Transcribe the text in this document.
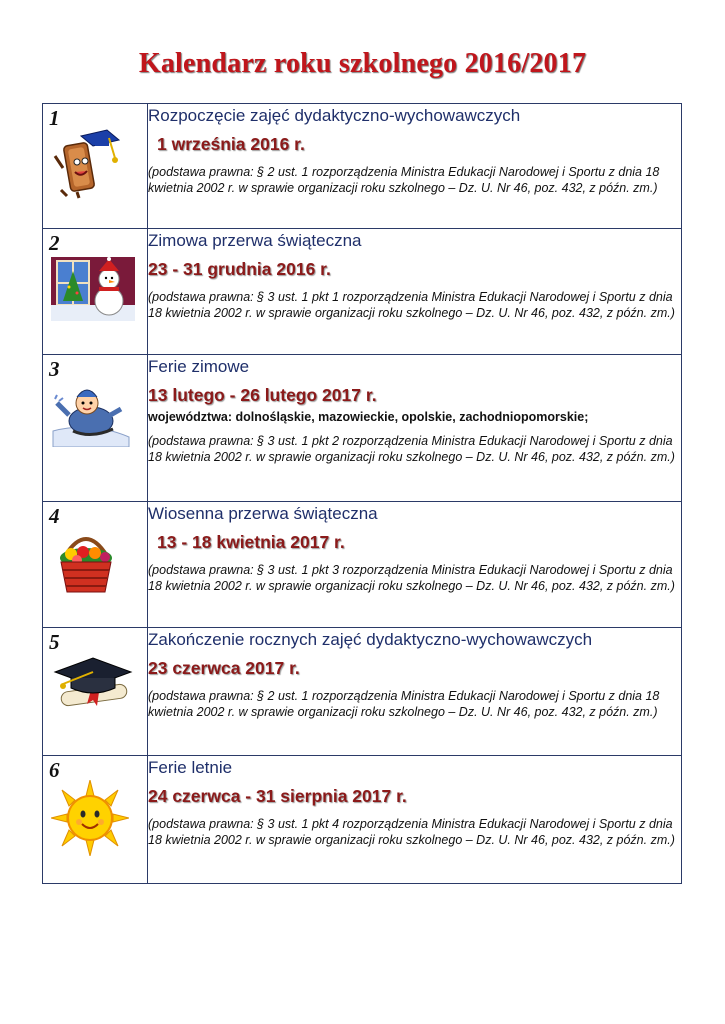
Kalendarz roku szkolnego 2016/2017
1	Rozpoczęcie zajęć dydaktyczno-wychowawczych
1 września 2016 r.

(podstawa prawna: § 2 ust. 1 rozporządzenia Ministra Edukacji Narodowej i Sportu z dnia 18 kwietnia 2002 r. w sprawie organizacji roku szkolnego – Dz. U. Nr 46, poz. 432, z późn. zm.)

2	Zimowa przerwa świąteczna
23 - 31 grudnia 2016 r.

(podstawa prawna: § 3 ust. 1 pkt 1 rozporządzenia Ministra Edukacji Narodowej i Sportu z dnia 18 kwietnia 2002 r. w sprawie organizacji roku szkolnego – Dz. U. Nr 46, poz. 432, z późn. zm.)

3	Ferie zimowe
13 lutego - 26 lutego 2017 r.
województwa: dolnośląskie, mazowieckie, opolskie, zachodniopomorskie;

(podstawa prawna: § 3 ust. 1 pkt 2 rozporządzenia Ministra Edukacji Narodowej i Sportu z dnia 18 kwietnia 2002 r. w sprawie organizacji roku szkolnego – Dz. U. Nr 46, poz. 432, z późn. zm.)

4	Wiosenna przerwa świąteczna
13 - 18 kwietnia 2017 r.

(podstawa prawna: § 3 ust. 1 pkt 3 rozporządzenia Ministra Edukacji Narodowej i Sportu z dnia 18 kwietnia 2002 r. w sprawie organizacji roku szkolnego – Dz. U. Nr 46, poz. 432, z późn. zm.)

5	Zakończenie rocznych zajęć dydaktyczno-wychowawczych
23 czerwca 2017 r.

(podstawa prawna: § 2 ust. 1 rozporządzenia Ministra Edukacji Narodowej i Sportu z dnia 18 kwietnia 2002 r. w sprawie organizacji roku szkolnego – Dz. U. Nr 46, poz. 432, z późn. zm.)

6	Ferie letnie
24 czerwca - 31 sierpnia 2017 r.

(podstawa prawna: § 3 ust. 1 pkt 4 rozporządzenia Ministra Edukacji Narodowej i Sportu z dnia 18 kwietnia 2002 r. w sprawie organizacji roku szkolnego – Dz. U. Nr 46, poz. 432, z późn. zm.)
